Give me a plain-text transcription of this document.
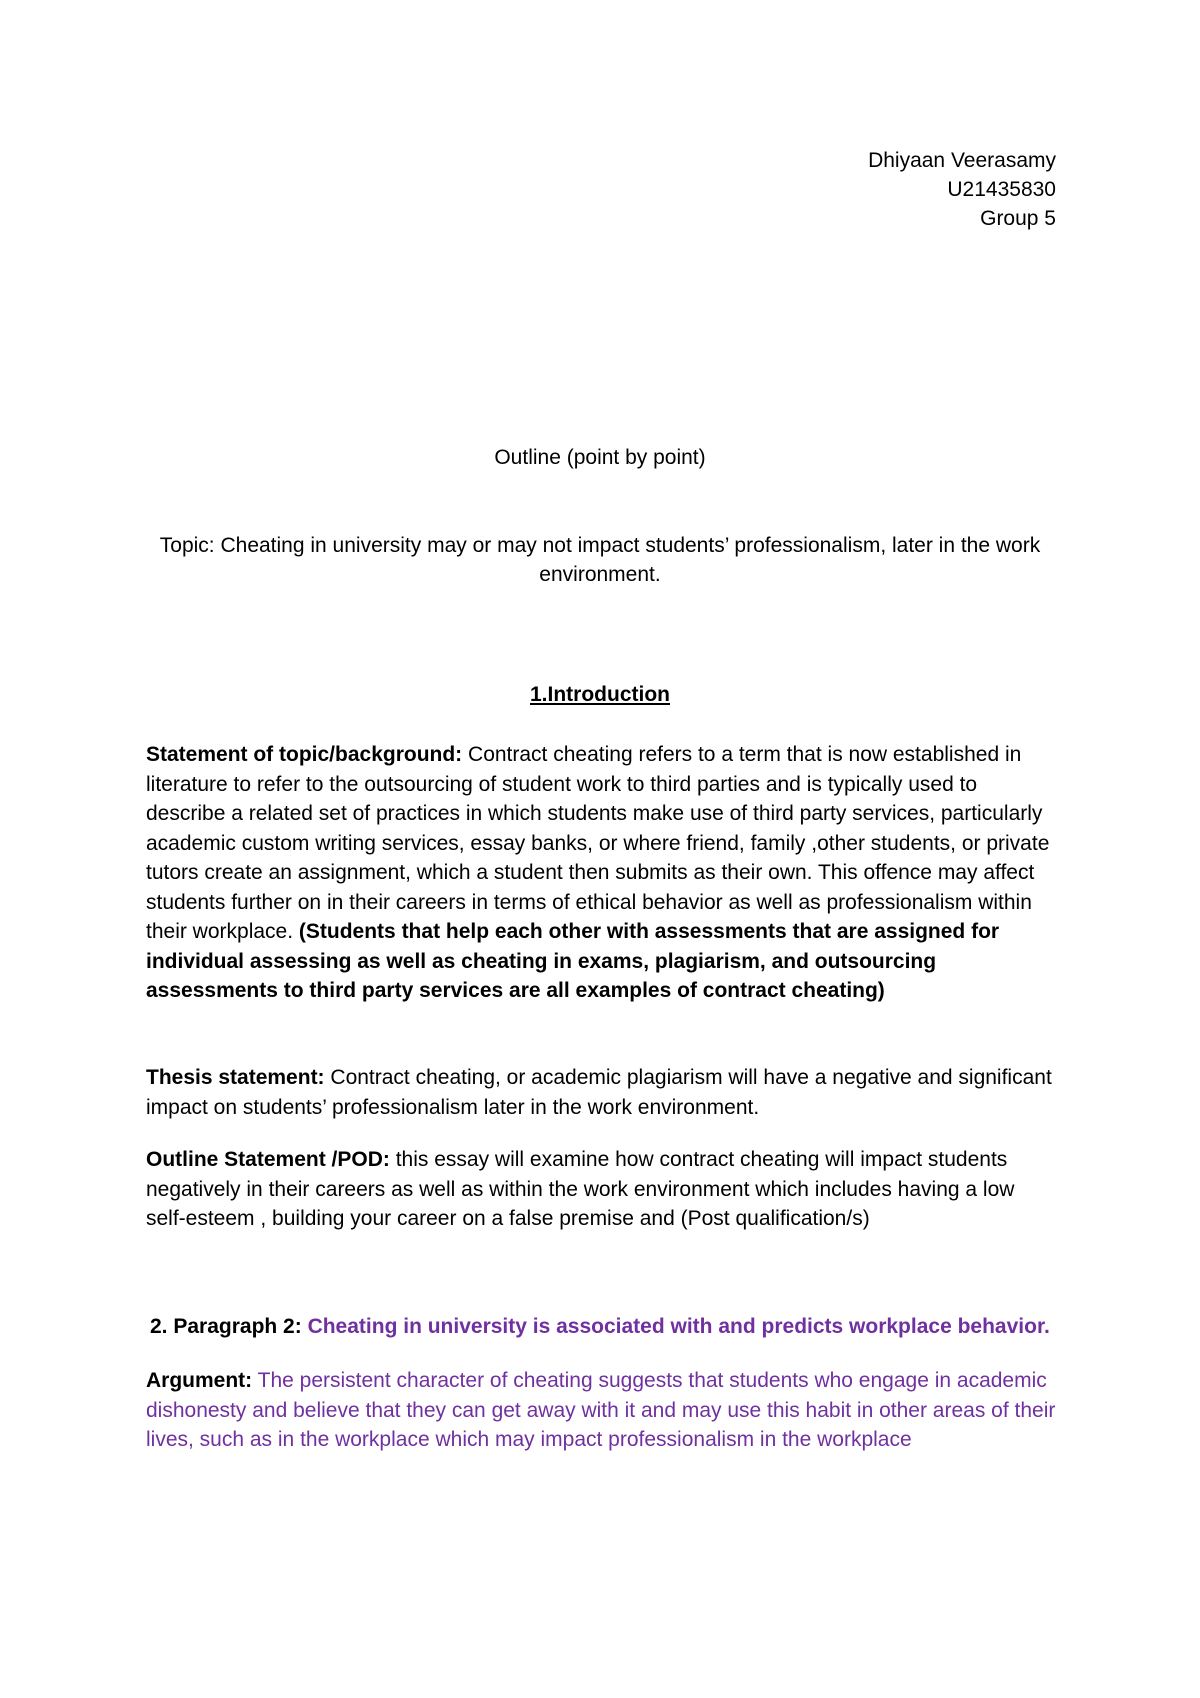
Dhiyaan Veerasamy
U21435830
Group 5
Outline (point by point)
Topic: Cheating in university may or may not impact students’ professionalism, later in the work environment.
1.Introduction

Statement of topic/background: Contract cheating refers to a term that is now established in literature to refer to the outsourcing of student work to third parties and is typically used to describe a related set of practices in which students make use of third party services, particularly academic custom writing services, essay banks, or where friend, family ,other students, or private tutors create an assignment, which a student then submits as their own. This offence may affect students further on in their careers in terms of ethical behavior as well as professionalism within their workplace. (Students that help each other with assessments that are assigned for individual assessing as well as cheating in exams, plagiarism, and outsourcing assessments to third party services are all examples of contract cheating)

Thesis statement: Contract cheating, or academic plagiarism will have a negative and significant impact on students’ professionalism later in the work environment.

Outline Statement /POD: this essay will examine how contract cheating will impact students negatively in their careers as well as within the work environment which includes having a low self-esteem , building your career on a false premise and (Post qualification/s)

2. Paragraph 2: Cheating in university is associated with and predicts workplace behavior.

Argument: The persistent character of cheating suggests that students who engage in academic dishonesty and believe that they can get away with it and may use this habit in other areas of their lives, such as in the workplace which may impact professionalism in the workplace
